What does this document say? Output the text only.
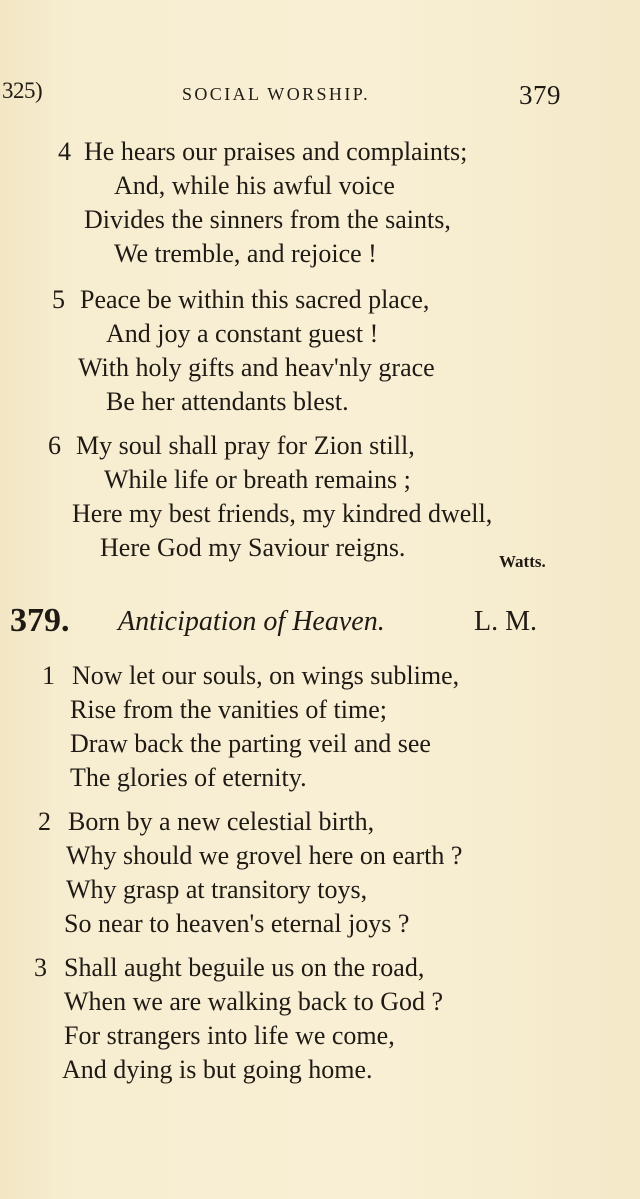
325)	SOCIAL WORSHIP.	379
4 He hears our praises and complaints;
And, while his awful voice
Divides the sinners from the saints,
We tremble, and rejoice !
5 Peace be within this sacred place,
And joy a constant guest !
With holy gifts and heav'nly grace
Be her attendants blest.
6 My soul shall pray for Zion still,
While life or breath remains ;
Here my best friends, my kindred dwell,
Here God my Saviour reigns.	Watts.
379. Anticipation of Heaven.	L. M.
1 Now let our souls, on wings sublime,
Rise from the vanities of time;
Draw back the parting veil and see
The glories of eternity.
2 Born by a new celestial birth,
Why should we grovel here on earth ?
Why grasp at transitory toys,
So near to heaven's eternal joys ?
3 Shall aught beguile us on the road,
When we are walking back to God ?
For strangers into life we come,
And dying is but going home.
